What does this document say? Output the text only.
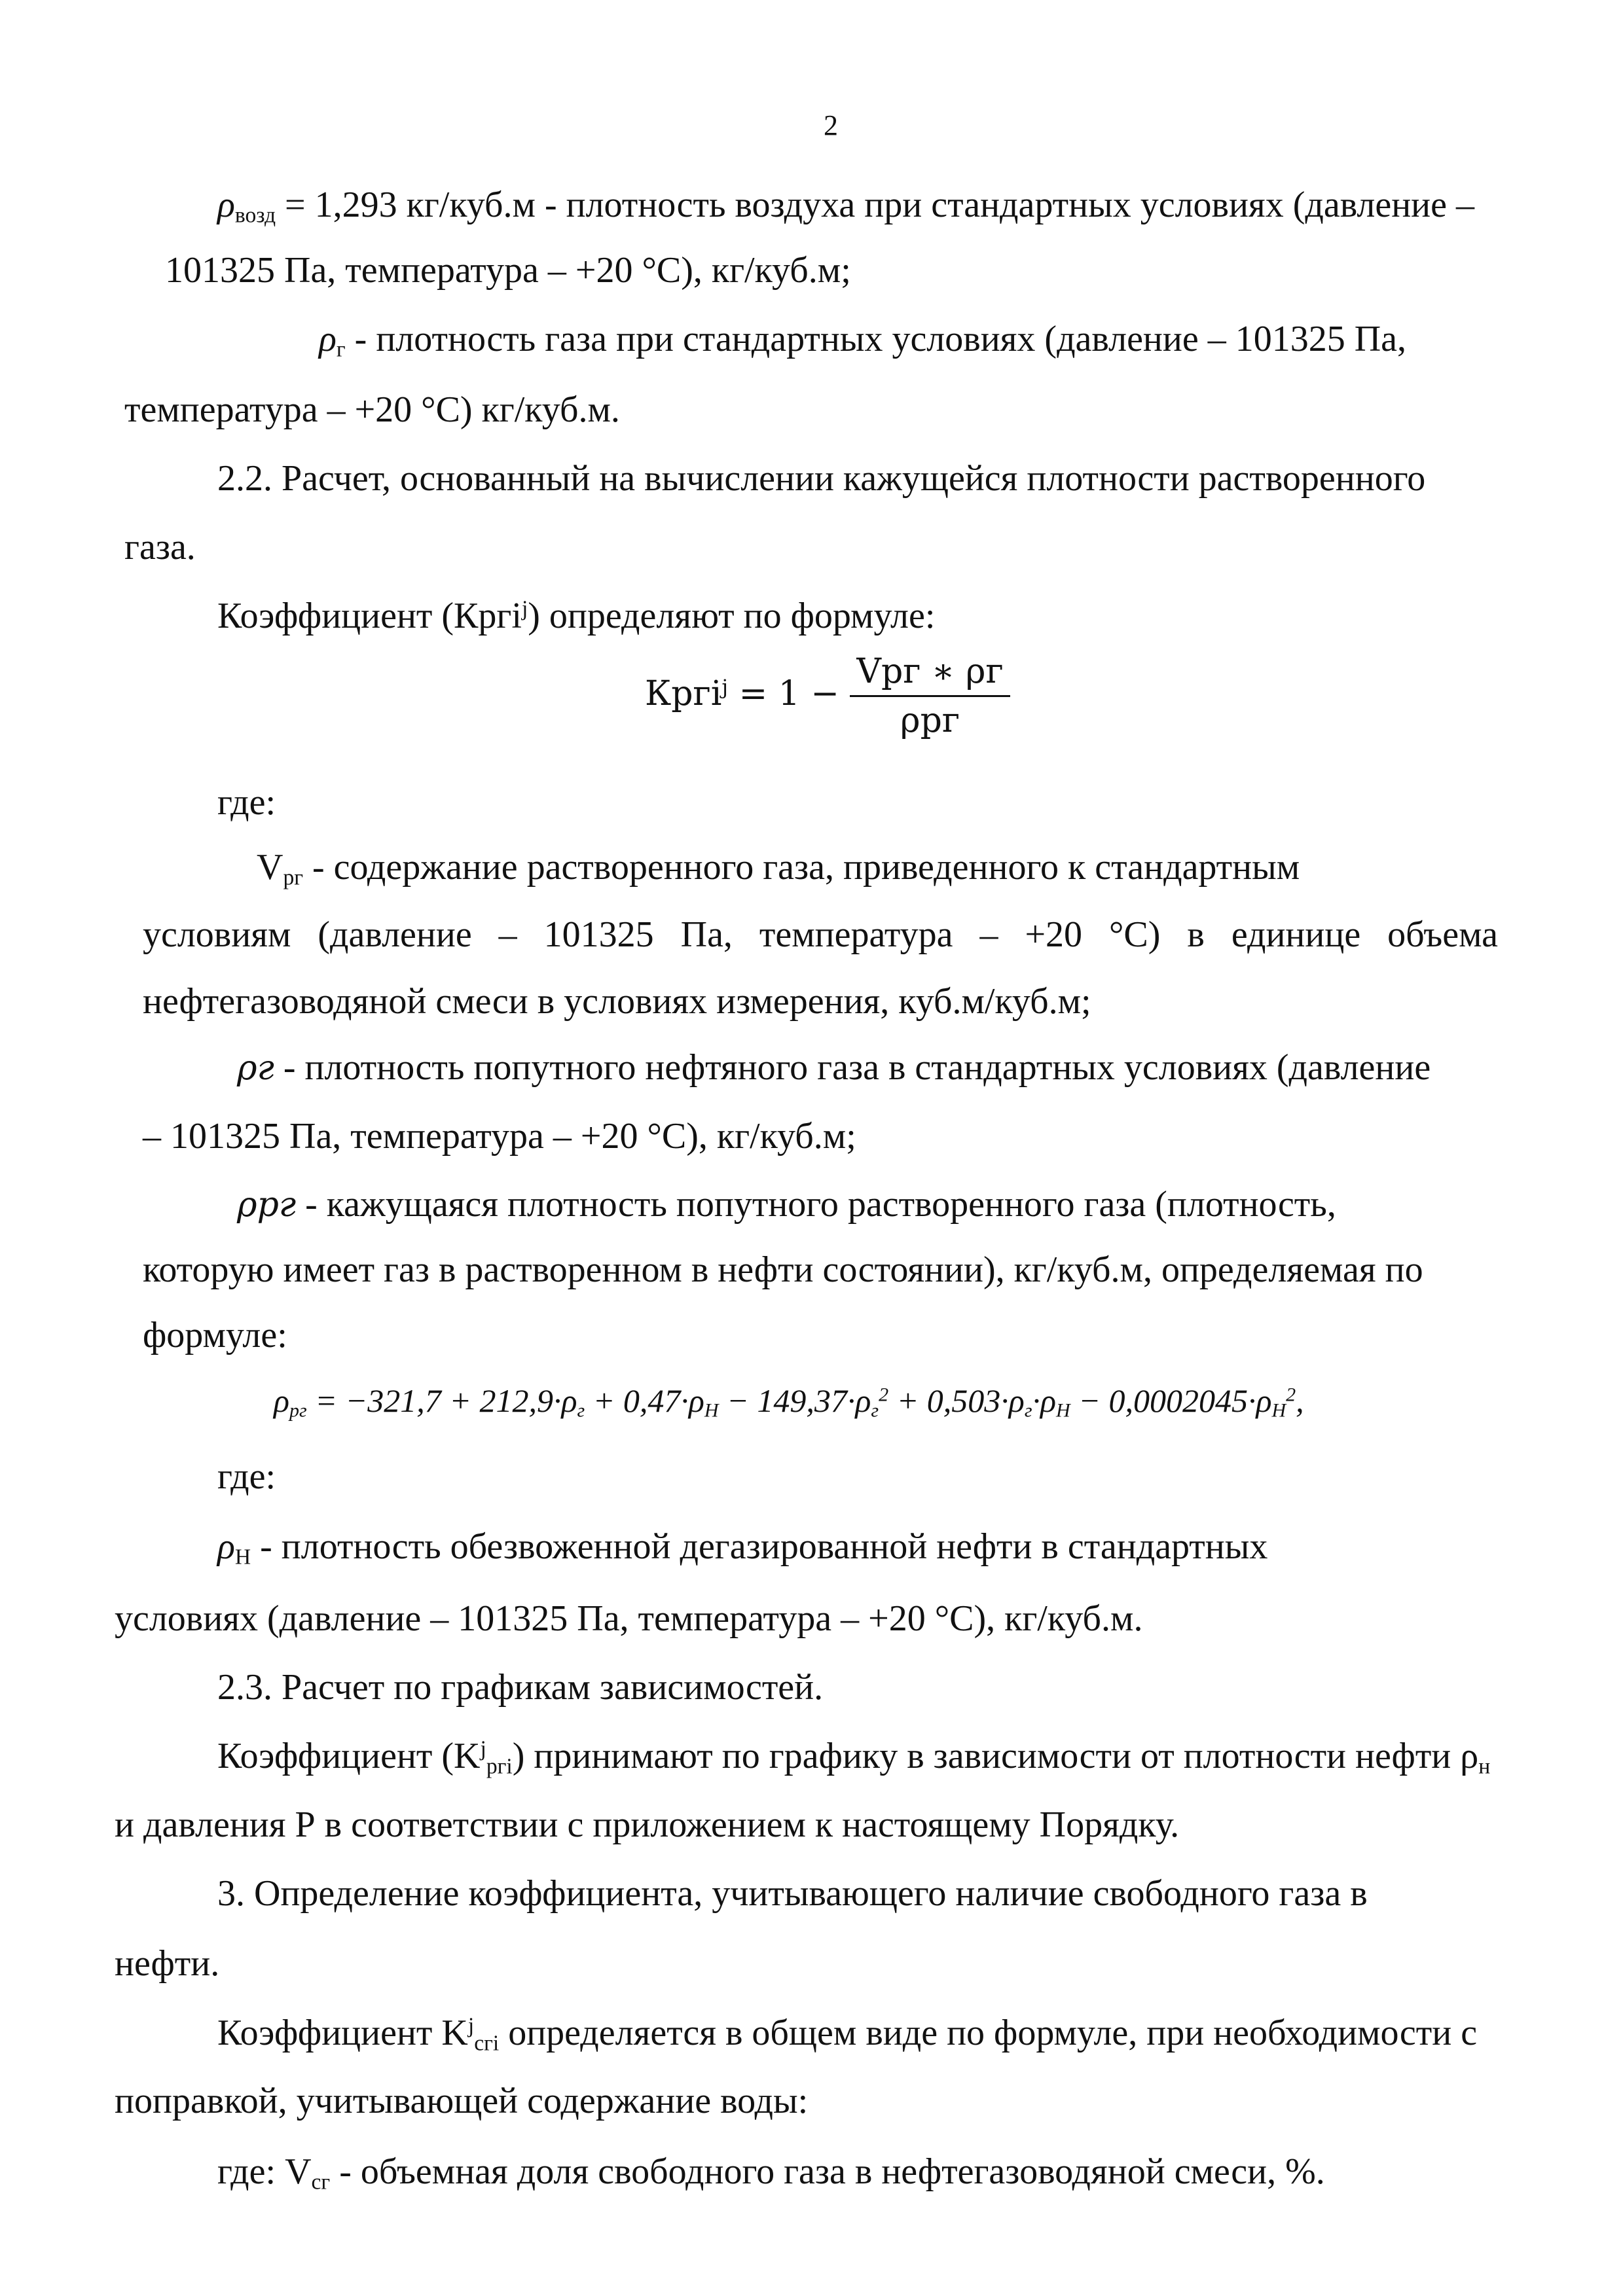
2
$\rho_{возд} = 1,293$ кг/куб.м - плотность воздуха при стандартных условиях (давление –
101325 Па, температура – +20 °С), кг/куб.м;
$\rho_г$ - плотность газа при стандартных условиях (давление – 101325 Па,
температура – +20 °С) кг/куб.м.
2.2. Расчет, основанный на вычислении кажущейся плотности растворенного
газа.
Коэффициент (Кргi$^j$) определяют по формуле:
Кргi$^j$ = $1 - \frac{\text{Vрг ∗ ρг}}{\text{ρрг}}$
где:
$V_{рг}$ - содержание растворенного газа, приведенного к стандартным
условиям (давление – 101325 Па, температура – +20 °С) в единице объема
нефтегазоводяной смеси в условиях измерения, куб.м/куб.м;
ρг - плотность попутного нефтяного газа в стандартных условиях (давление
– 101325 Па, температура – +20 °С), кг/куб.м;
ρрг - кажущаяся плотность попутного растворенного газа (плотность,
которую имеет газ в растворенном в нефти состоянии), кг/куб.м, определяемая по
формуле:
$\rho_{рг} = -321,7 + 212,9\cdot\rho_г + 0,47\cdot\rho_Н - 149,37\cdot\rho_г^2 + 0,503\cdot\rho_г\cdot\rho_Н - 0,0002045\cdot\rho_Н^2$,
где:
$\rho_Н$ - плотность обезвоженной дегазированной нефти в стандартных
условиях (давление – 101325 Па, температура – +20 °С), кг/куб.м.
2.3. Расчет по графикам зависимостей.
Коэффициент $(K^j_{pгi})$ принимают по графику в зависимости от плотности нефти $\rho_н$
и давления Р в соответствии с приложением к настоящему Порядку.
3. Определение коэффициента, учитывающего наличие свободного газа в
нефти.
Коэффициент $K^j_{сгi}$ определяется в общем виде по формуле, при необходимости с
поправкой, учитывающей содержание воды:
где: $V_{сг}$ - объемная доля свободного газа в нефтегазоводяной смеси, %.
